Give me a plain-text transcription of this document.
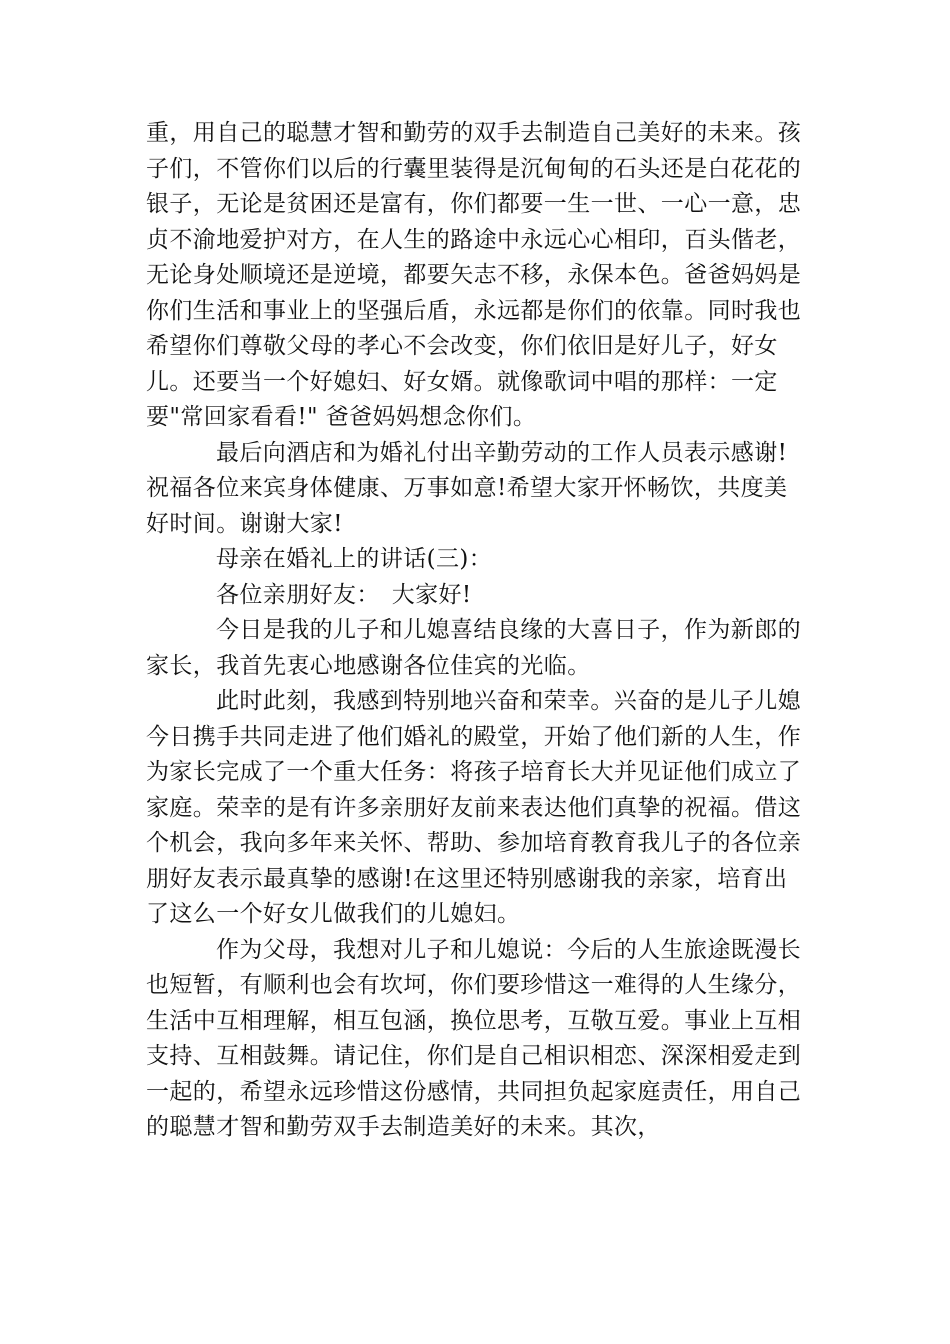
重，用自己的聪慧才智和勤劳的双手去制造自己美好的未来。孩子们，不管你们以后的行囊里装得是沉甸甸的石头还是白花花的银子，无论是贫困还是富有，你们都要一生一世、一心一意，忠贞不渝地爱护对方，在人生的路途中永远心心相印，百头偕老，无论身处顺境还是逆境，都要矢志不移，永保本色。爸爸妈妈是你们生活和事业上的坚强后盾，永远都是你们的依靠。同时我也希望你们尊敬父母的孝心不会改变，你们依旧是好儿子，好女儿。还要当一个好媳妇、好女婿。就像歌词中唱的那样：一定要"常回家看看!" 爸爸妈妈想念你们。

最后向酒店和为婚礼付出辛勤劳动的工作人员表示感谢!祝福各位来宾身体健康、万事如意!希望大家开怀畅饮，共度美好时间。谢谢大家!

母亲在婚礼上的讲话(三)：

各位亲朋好友：　大家好!

今日是我的儿子和儿媳喜结良缘的大喜日子，作为新郎的家长，我首先衷心地感谢各位佳宾的光临。

此时此刻，我感到特别地兴奋和荣幸。兴奋的是儿子儿媳今日携手共同走进了他们婚礼的殿堂，开始了他们新的人生，作为家长完成了一个重大任务：将孩子培育长大并见证他们成立了家庭。荣幸的是有许多亲朋好友前来表达他们真挚的祝福。借这个机会，我向多年来关怀、帮助、参加培育教育我儿子的各位亲朋好友表示最真挚的感谢!在这里还特别感谢我的亲家，培育出了这么一个好女儿做我们的儿媳妇。

作为父母，我想对儿子和儿媳说：今后的人生旅途既漫长也短暂，有顺利也会有坎坷，你们要珍惜这一难得的人生缘分，生活中互相理解，相互包涵，换位思考，互敬互爱。事业上互相支持、互相鼓舞。请记住，你们是自己相识相恋、深深相爱走到一起的，希望永远珍惜这份感情，共同担负起家庭责任，用自己的聪慧才智和勤劳双手去制造美好的未来。其次，
